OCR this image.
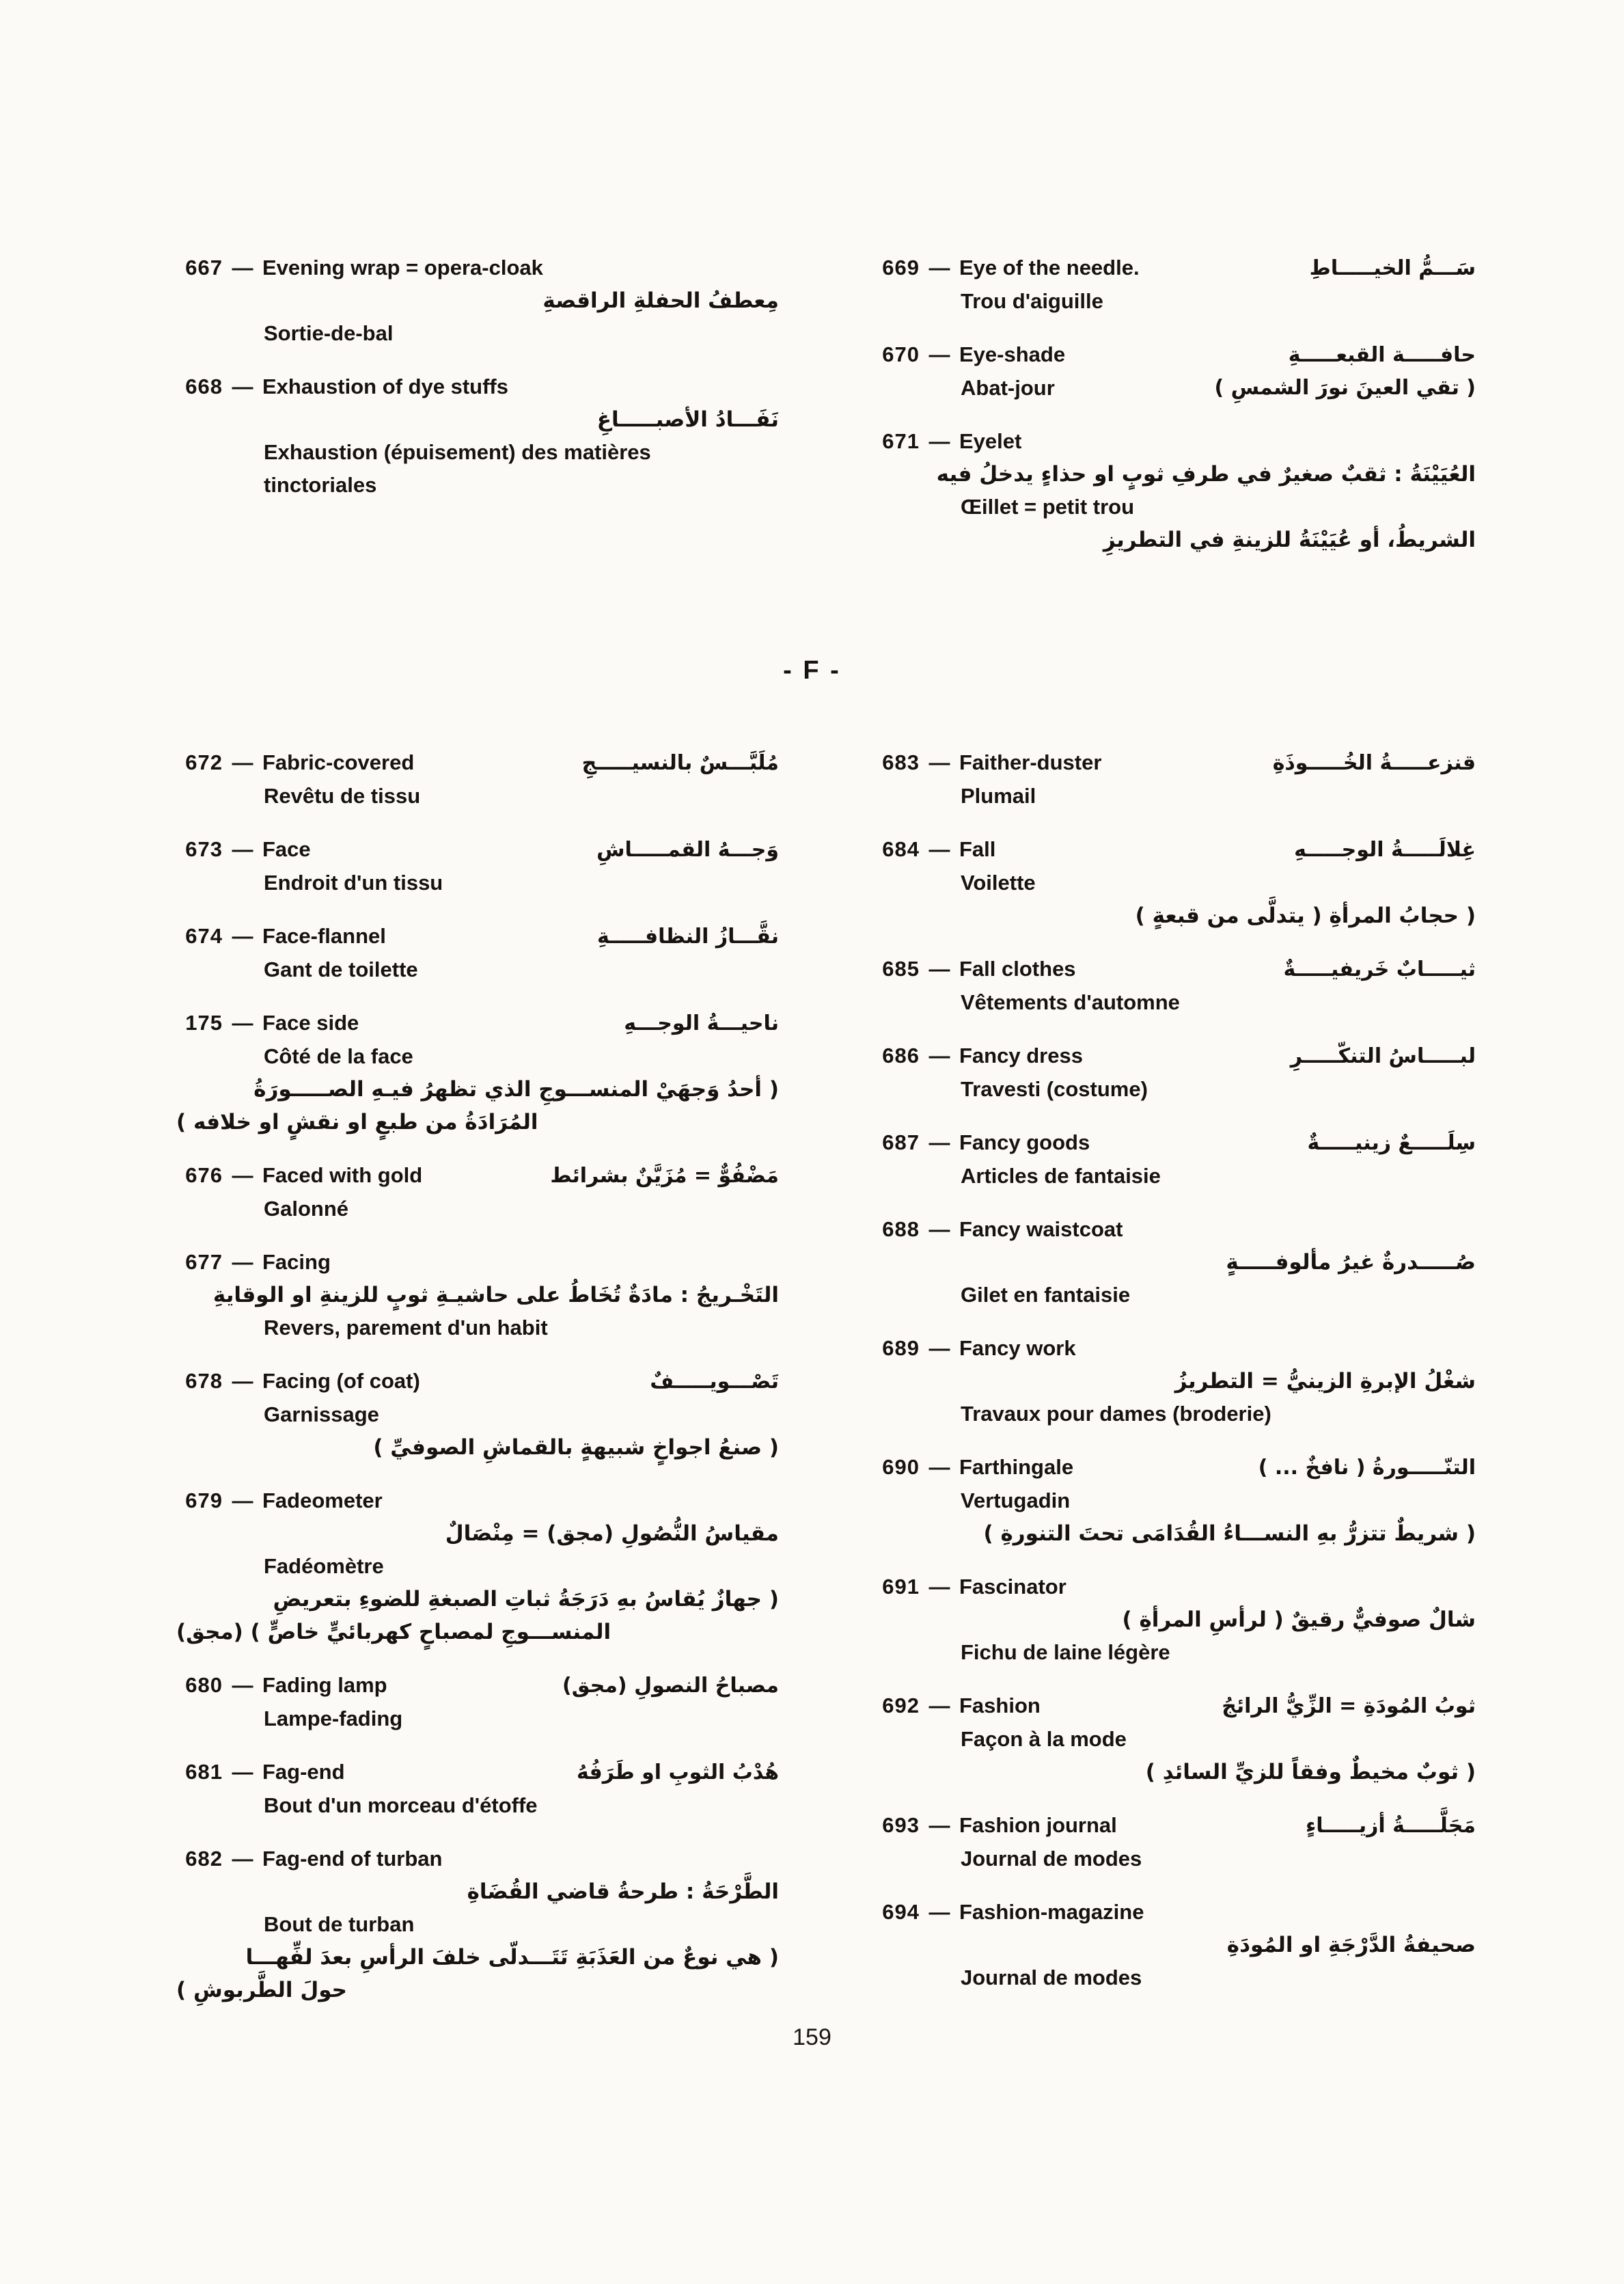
667 — Evening wrap = opera-cloak
مِعطفُ الحفلةِ الراقصةِ
Sortie-de-bal
668 — Exhaustion of dye stuffs
نَفَـــادُ الأصبـــــاغِ
Exhaustion (épuisement) des matières
tinctoriales
669 — Eye of the needle.	سَـــمُّ الخيـــــاطِ
Trou d'aiguille
670 — Eye-shade	حافـــــة القبعـــــةِ
Abat-jour	( تقي العينَ نورَ الشمسِ )
671 — Eyelet
العُيَيْنَةُ : ثقبٌ صغيرٌ في طرفِ ثوبٍ او حذاءٍ يدخلُ فيه
Œillet = petit trou
الشريطُ، أو عُيَيْنَةُ للزينةِ في التطريزِ
- F -
672 — Fabric-covered	مُلَبَّـــسٌ بالنسيـــــجِ
Revêtu de tissu
673 — Face	وَجـــهُ القمـــــاشِ
Endroit d'un tissu
674 — Face-flannel	نقَّـــازُ النظافـــــةِ
Gant de toilette
175 — Face side	ناحيـــةُ الوجـــهِ
Côté de la face
( أحدُ وَجهَيْ المنســـوجِ الذي تظهرُ فيـهِ الصـــــورَةُ
المُرَادَةُ من طبعٍ او نقشٍ او خلافه )
676 — Faced with gold	مَضْفُوٌّ = مُزَيَّنٌ بشرائط
Galonné
677 — Facing
التَخْـريجُ : مادَةٌ تُخَاطُ على حاشيـةِ ثوبٍ للزينةِ او الوقايةِ
Revers, parement d'un habit
678 — Facing (of coat)	تَصْـــويـــــفٌ
Garnissage
( صنعُ اجواخٍ شبيهةٍ بالقماشِ الصوفيِّ )
679 — Fadeometer
مقياسُ النُّصُولِ (مجق) = مِنْصَالٌ
Fadéomètre
( جهازٌ يُقاسُ بهِ دَرَجَةُ ثباتِ الصبغةِ للضوءِ بتعريضِ
المنســـوجِ لمصباحٍ كهربائيٍّ خاصٍّ ) (مجق)
680 — Fading lamp	مصباحُ النصولِ (مجق)
Lampe-fading
681 — Fag-end	هُدْبُ الثوبِ او طَرَفُهُ
Bout d'un morceau d'étoffe
682 — Fag-end of turban
الطَّرْحَةُ : طرحةُ قاضي القُضَاةِ
Bout de turban
( هي نوعٌ من العَذَبَةِ تَتَـــدلّى خلفَ الرأسِ بعدَ لفِّهـــا
حولَ الطَّربوشِ )
683 — Faither-duster	قنزعـــــةُ الخُـــــوذَةِ
Plumail
684 — Fall	غِلالَـــــةُ الوجـــــهِ
Voilette
( حجابُ المرأةِ ( يتدلَّى من قبعةٍ )
685 — Fall clothes	ثيـــــابٌ خَريفيـــــةٌ
Vêtements d'automne
686 — Fancy dress	لبـــــاسُ التنكّـــــرِ
Travesti (costume)
687 — Fancy goods	سِلَـــــعٌ زينيـــــةٌ
Articles de fantaisie
688 — Fancy waistcoat
صُـــــدرةٌ غيرُ مألوفـــــةٍ
Gilet en fantaisie
689 — Fancy work
شغْلُ الإبرةِ الزينيُّ = التطريزُ
Travaux pour dames (broderie)
690 — Farthingale	التنّـــــورةُ ( نافخٌ ... )
Vertugadin
( شريطٌ تتزرُّ بهِ النســـاءُ القُدَامَى تحتَ التنورةِ )
691 — Fascinator
شالٌ صوفيٌّ رقيقٌ ( لرأسِ المرأةِ )
Fichu de laine légère
692 — Fashion	ثوبُ المُودَةِ = الزِّيُّ الرائجُ
Façon à la mode
( ثوبٌ مخيطٌ وفقاً للزيِّ السائدِ )
693 — Fashion journal	مَجَلَّـــــةُ أزيـــــاءٍ
Journal de modes
694 — Fashion-magazine
صحيفةُ الدَّرْجَةِ او المُودَةِ
Journal de modes
159
